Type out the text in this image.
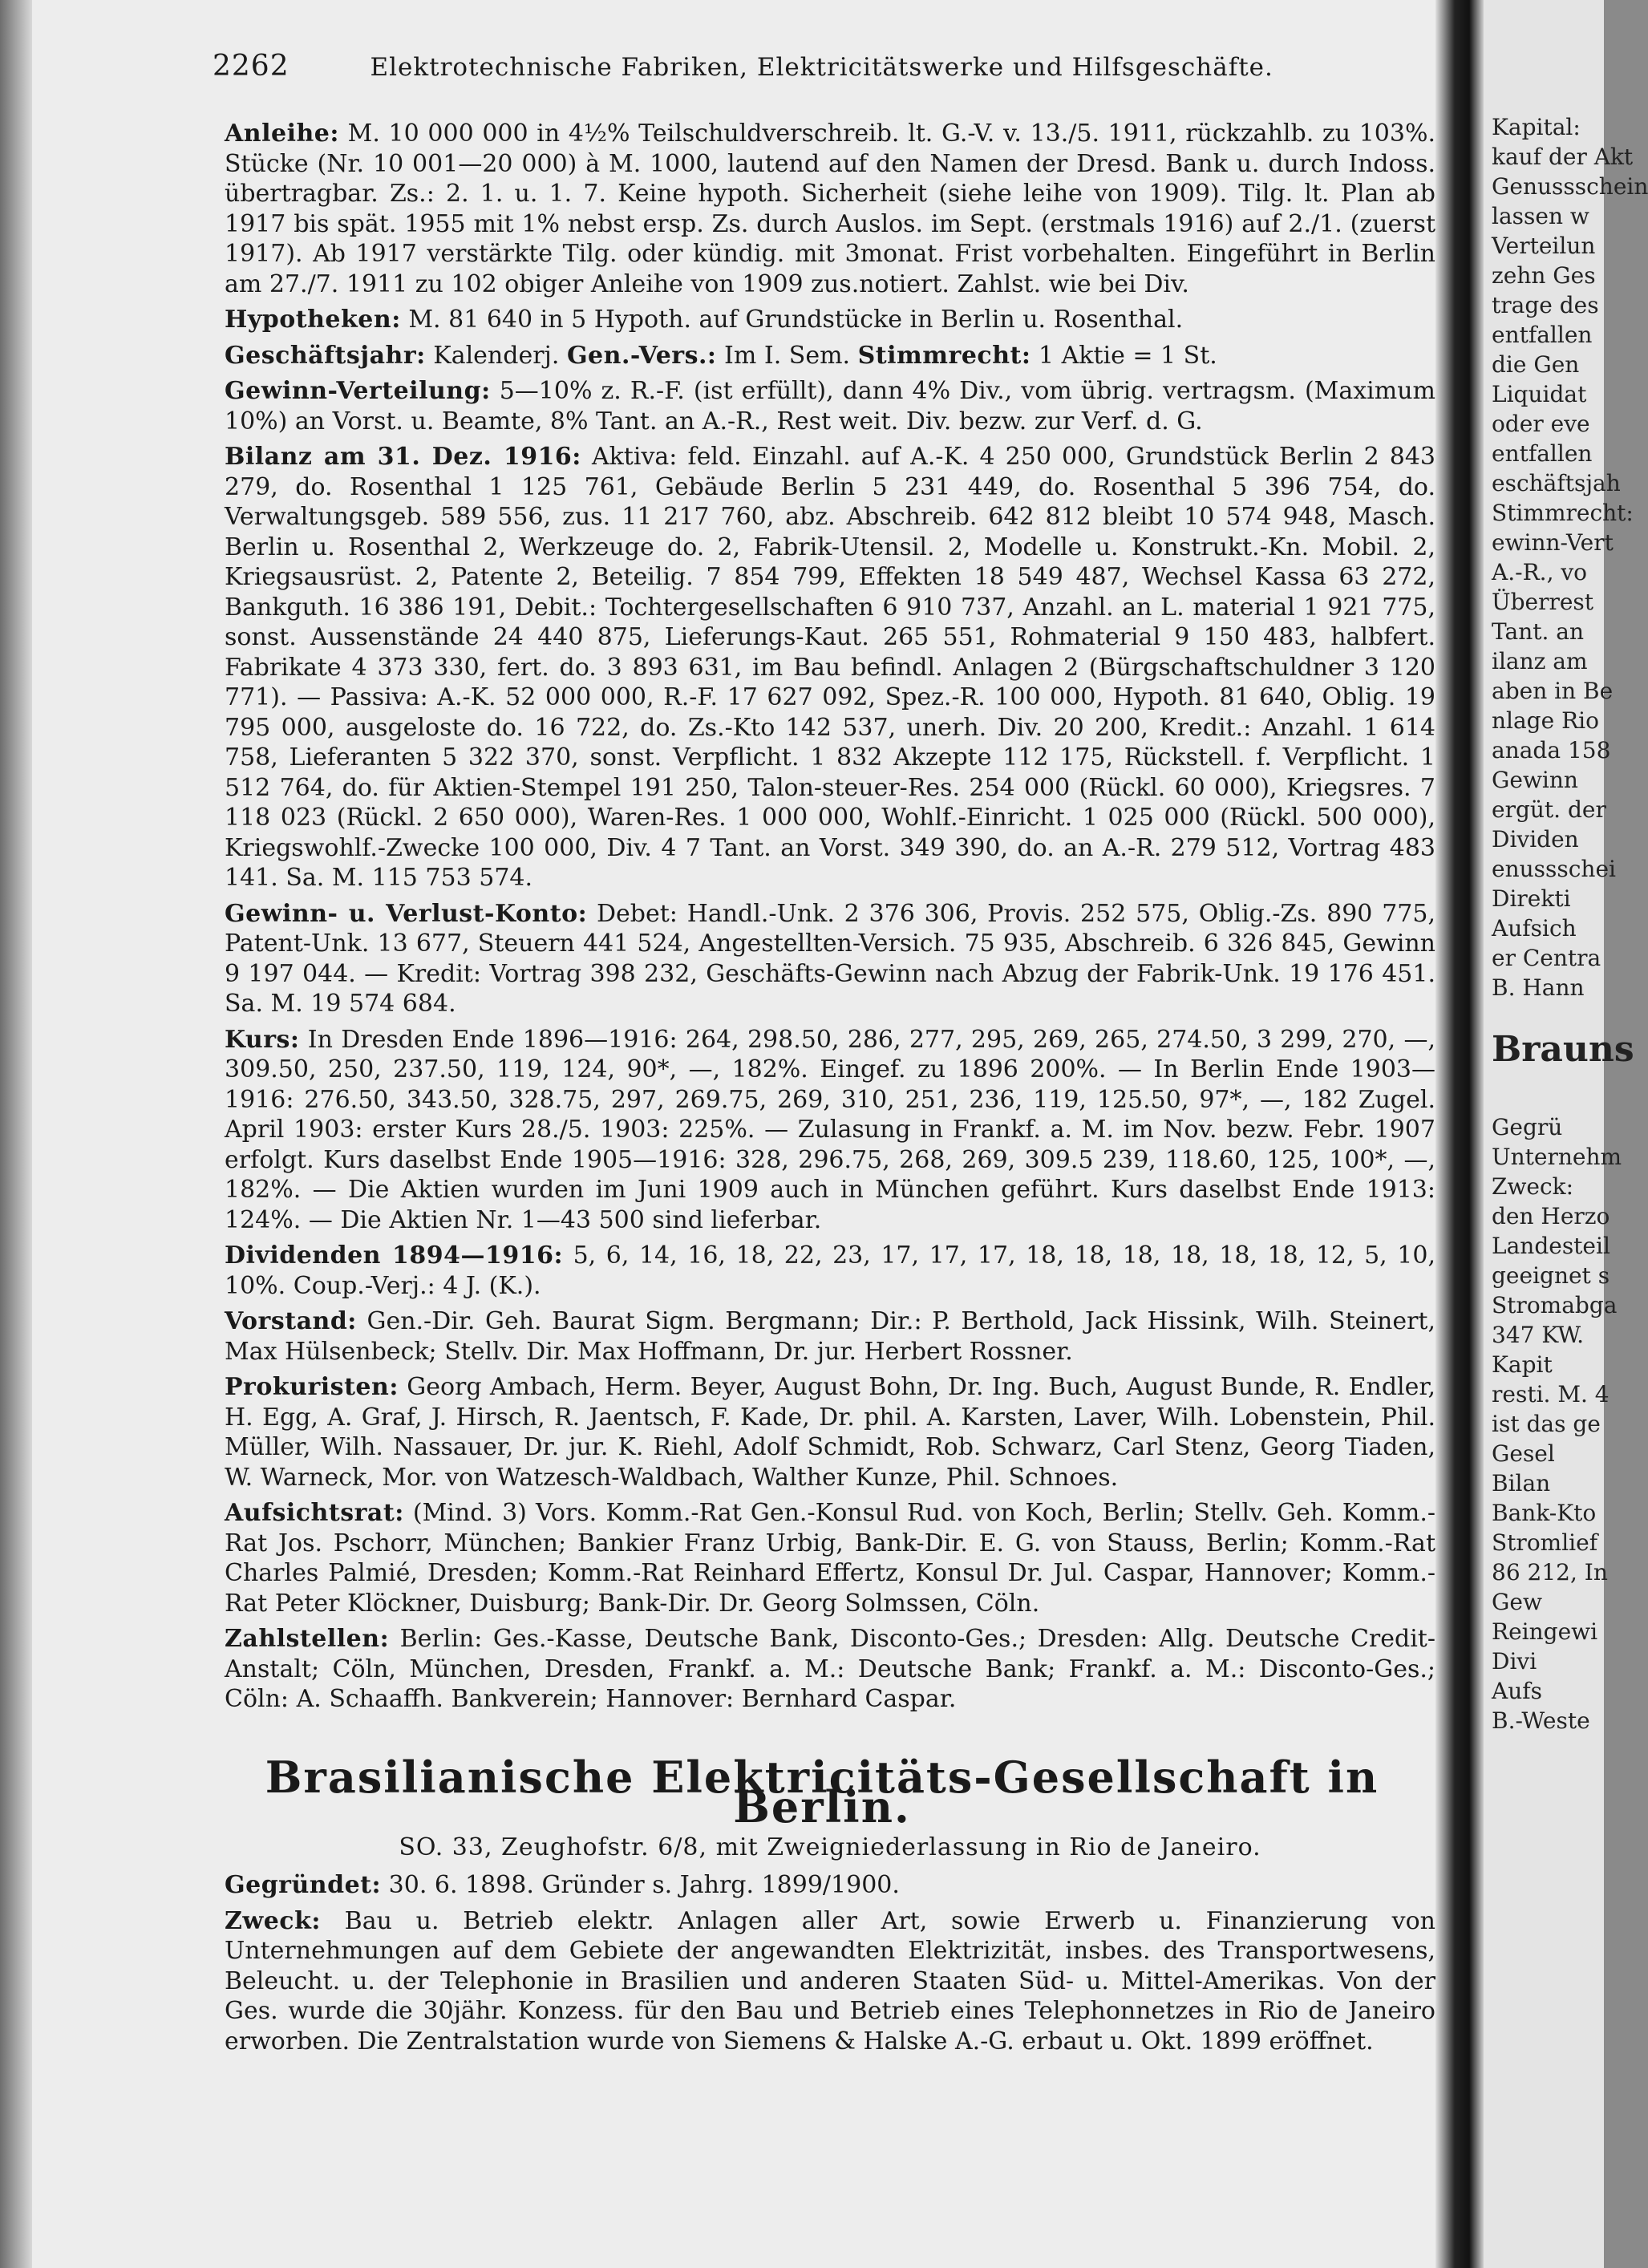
2262	Elektrotechnische Fabriken, Elektricitätswerke und Hilfsgeschäfte.

Anleihe: M. 10 000 000 in 4½% Teilschuldverschreib. lt. G.-V. v. 13./5. 1911, rückzahlb. zu 103%. Stücke (Nr. 10 001—20 000) à M. 1000, lautend auf den Namen der Dresd. Bank u. durch Indoss. übertragbar. Zs.: 2. 1. u. 1. 7. Keine hypoth. Sicherheit (siehe leihe von 1909). Tilg. lt. Plan ab 1917 bis spät. 1955 mit 1% nebst ersp. Zs. durch Auslos. im Sept. (erstmals 1916) auf 2./1. (zuerst 1917). Ab 1917 verstärkte Tilg. oder kündig. mit 3monat. Frist vorbehalten. Eingeführt in Berlin am 27./7. 1911 zu 102 obiger Anleihe von 1909 zus.notiert. Zahlst. wie bei Div.

Hypotheken: M. 81 640 in 5 Hypoth. auf Grundstücke in Berlin u. Rosenthal.

Geschäftsjahr: Kalenderj. Gen.-Vers.: Im I. Sem. Stimmrecht: 1 Aktie = 1 St.

Gewinn-Verteilung: 5—10% z. R.-F. (ist erfüllt), dann 4% Div., vom übrig. vertragsm. (Maximum 10%) an Vorst. u. Beamte, 8% Tant. an A.-R., Rest weit. Div. bezw. zur Verf. d. G.

Bilanz am 31. Dez. 1916: Aktiva: feld. Einzahl. auf A.-K. 4 250 000, Grundstück Berlin 2 843 279, do. Rosenthal 1 125 761, Gebäude Berlin 5 231 449, do. Rosenthal 5 396 754, do. Verwaltungsgeb. 589 556, zus. 11 217 760, abz. Abschreib. 642 812 bleibt 10 574 948, Masch. Berlin u. Rosenthal 2, Werkzeuge do. 2, Fabrik-Utensil. 2, Modelle u. Konstrukt.-Kn. Mobil. 2, Kriegsausrüst. 2, Patente 2, Beteilig. 7 854 799, Effekten 18 549 487, Wechsel Kassa 63 272, Bankguth. 16 386 191, Debit.: Tochtergesellschaften 6 910 737, Anzahl. an L. material 1 921 775, sonst. Aussenstände 24 440 875, Lieferungs-Kaut. 265 551, Rohmaterial 9 150 483, halbfert. Fabrikate 4 373 330, fert. do. 3 893 631, im Bau befindl. Anlagen 2 (Bürgschaftschuldner 3 120 771). — Passiva: A.-K. 52 000 000, R.-F. 17 627 092, Spez.-R. 100 000, Hypoth. 81 640, Oblig. 19 795 000, ausgeloste do. 16 722, do. Zs.-Kto 142 537, unerh. Div. 20 200, Kredit.: Anzahl. 1 614 758, Lieferanten 5 322 370, sonst. Verpflicht. 1 832 Akzepte 112 175, Rückstell. f. Verpflicht. 1 512 764, do. für Aktien-Stempel 191 250, Talon-steuer-Res. 254 000 (Rückl. 60 000), Kriegsres. 7 118 023 (Rückl. 2 650 000), Waren-Res. 1 000 000, Wohlf.-Einricht. 1 025 000 (Rückl. 500 000), Kriegswohlf.-Zwecke 100 000, Div. 4 7 Tant. an Vorst. 349 390, do. an A.-R. 279 512, Vortrag 483 141. Sa. M. 115 753 574.

Gewinn- u. Verlust-Konto: Debet: Handl.-Unk. 2 376 306, Provis. 252 575, Oblig.-Zs. 890 775, Patent-Unk. 13 677, Steuern 441 524, Angestellten-Versich. 75 935, Abschreib. 6 326 845, Gewinn 9 197 044. — Kredit: Vortrag 398 232, Geschäfts-Gewinn nach Abzug der Fabrik-Unk. 19 176 451. Sa. M. 19 574 684.

Kurs: In Dresden Ende 1896—1916: 264, 298.50, 286, 277, 295, 269, 265, 274.50, 3 299, 270, —, 309.50, 250, 237.50, 119, 124, 90*, —, 182%. Eingef. zu 1896 200%. — In Berlin Ende 1903—1916: 276.50, 343.50, 328.75, 297, 269.75, 269, 310, 251, 236, 119, 125.50, 97*, —, 182 Zugel. April 1903: erster Kurs 28./5. 1903: 225%. — Zulasung in Frankf. a. M. im Nov. bezw. Febr. 1907 erfolgt. Kurs daselbst Ende 1905—1916: 328, 296.75, 268, 269, 309.5 239, 118.60, 125, 100*, —, 182%. — Die Aktien wurden im Juni 1909 auch in München geführt. Kurs daselbst Ende 1913: 124%. — Die Aktien Nr. 1—43 500 sind lieferbar.

Dividenden 1894—1916: 5, 6, 14, 16, 18, 22, 23, 17, 17, 17, 18, 18, 18, 18, 18, 18, 12, 5, 10, 10%. Coup.-Verj.: 4 J. (K.).

Vorstand: Gen.-Dir. Geh. Baurat Sigm. Bergmann; Dir.: P. Berthold, Jack Hissink, Wilh. Steinert, Max Hülsenbeck; Stellv. Dir. Max Hoffmann, Dr. jur. Herbert Rossner.

Prokuristen: Georg Ambach, Herm. Beyer, August Bohn, Dr. Ing. Buch, August Bunde, R. Endler, H. Egg, A. Graf, J. Hirsch, R. Jaentsch, F. Kade, Dr. phil. A. Karsten, Laver, Wilh. Lobenstein, Phil. Müller, Wilh. Nassauer, Dr. jur. K. Riehl, Adolf Schmidt, Rob. Schwarz, Carl Stenz, Georg Tiaden, W. Warneck, Mor. von Watzesch-Waldbach, Walther Kunze, Phil. Schnoes.

Aufsichtsrat: (Mind. 3) Vors. Komm.-Rat Gen.-Konsul Rud. von Koch, Berlin; Stellv. Geh. Komm.-Rat Jos. Pschorr, München; Bankier Franz Urbig, Bank-Dir. E. G. von Stauss, Berlin; Komm.-Rat Charles Palmié, Dresden; Komm.-Rat Reinhard Effertz, Konsul Dr. Jul. Caspar, Hannover; Komm.-Rat Peter Klöckner, Duisburg; Bank-Dir. Dr. Georg Solmssen, Cöln.

Zahlstellen: Berlin: Ges.-Kasse, Deutsche Bank, Disconto-Ges.; Dresden: Allg. Deutsche Credit-Anstalt; Cöln, München, Dresden, Frankf. a. M.: Deutsche Bank; Frankf. a. M.: Disconto-Ges.; Cöln: A. Schaaffh. Bankverein; Hannover: Bernhard Caspar.

Brasilianische Elektricitäts-Gesellschaft in Berlin.
SO. 33, Zeughofstr. 6/8, mit Zweigniederlassung in Rio de Janeiro.

Gegründet: 30. 6. 1898. Gründer s. Jahrg. 1899/1900.

Zweck: Bau u. Betrieb elektr. Anlagen aller Art, sowie Erwerb u. Finanzierung von Unternehmungen auf dem Gebiete der angewandten Elektrizität, insbes. des Transportwesens, Beleucht. u. der Telephonie in Brasilien und anderen Staaten Süd- u. Mittel-Amerikas. Von der Ges. wurde die 30jähr. Konzess. für den Bau und Betrieb eines Telephonnetzes in Rio de Janeiro erworben. Die Zentralstation wurde von Siemens & Halske A.-G. erbaut u. Okt. 1899 eröffnet.

Kapital:
kauf der Akt
Genussschein
lassen w
Verteilun
zehn Ges
trage des
entfallen
die Gen
Liquidat
oder eve
entfallen
eschäftsjah
Stimmrecht:
ewinn-Vert
A.-R., vo
Überrest
Tant. an
ilanz am
aben in Be
nlage Rio
anada 158
Gewinn
ergüt. der
Dividen
enussschei
Direkti
Aufsich
er Centra
B. Hann
Brauns
Gegrü
Unternehm
Zweck:
den Herzo
Landesteil
geeignet s
Stromabga
347 KW.
Kapit
resti. M. 4
ist das ge
Gesel
Bilan
Bank-Kto
Stromlief
86 212, In
Gew
Reingewi
Divi
Aufs
B.-Weste
